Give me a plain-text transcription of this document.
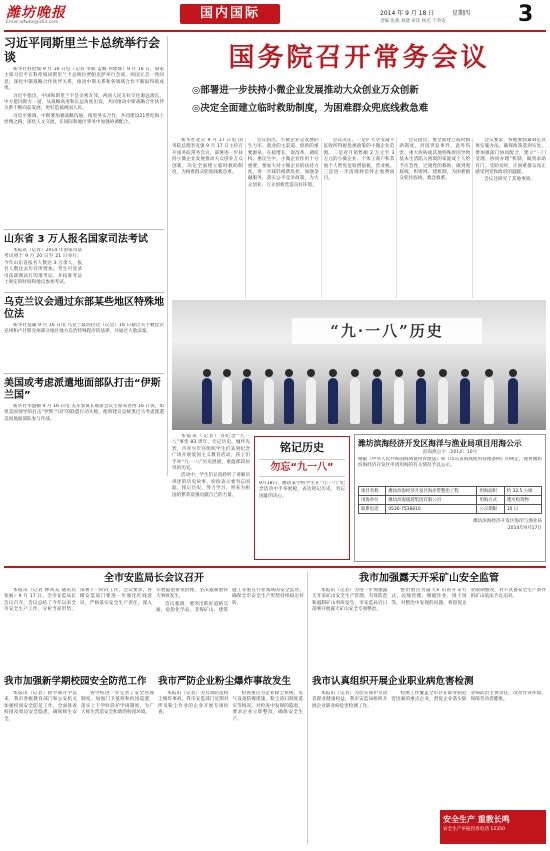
潍坊晚报
Email:wfwbs@163.com
国内国际	2014 年 9 月 18 日	星期四
责编 张燕 刘建 审读 杨光 于英姿	3
习近平同斯里兰卡总统举行会谈

新华社科伦坡 9 月 16 日电（记者 李斌 孟娜 何建辉）9 月 16 日，国家主席习近平在科伦坡同斯里兰卡总统拉贾帕克萨举行会谈。两国元首一致同意，深化中斯战略合作伙伴关系，推动中斯关系和各领域合作不断取得新成果。

习近平指出，中国和斯里兰卡是亲密友邻，两国人民友好交往源远流长。中方愿同斯方一道，从战略高度和长远角度出发，共同推动中斯战略合作伙伴关系不断向前发展，更好造福两国人民。

习近平强调，中斯要加强战略沟通，推进务实合作，共同建设21世纪海上丝绸之路，深化人文交流，在国际和地区事务中加强协调配合。

山东省 3 万人报名国家司法考试

本报讯（记者）2014 年国家司法考试将于 9 月 20 日至 21 日举行。今年山东省报名人数达 3 万余人，报名人数比去年有所增加。考生可登录司法部网站打印准考证，并按准考证上规定的时间和地点参加考试。

乌克兰议会通过东部某些地区特殊地位法

新华社基辅 9 月 16 日电 乌克兰最高拉达（议会）16 日通过关于顿涅茨克州和卢甘斯克州部分地区地方自治特殊程序的法律，并通过大赦法案。

美国或考虑派遣地面部队打击“伊斯兰国”

新华社华盛顿 9 月 16 日电 美军参谋长联席会议主席邓普西 16 日说，如果美国领导的打击“伊斯兰国”的联盟行动失败，他将建议总统奥巴马考虑派遣美国地面部队参与作战。

国务院召开常务会议
◎部署进一步扶持小微企业发展推动大众创业万众创新
◎决定全面建立临时救助制度，为困难群众兜底线救急难

新华社北京 9 月 17 日电 国务院总理李克强 9 月 17 日主持召开国务院常务会议，部署进一步扶持小微企业发展推动大众创业万众创新，决定全面建立临时救助制度，为困难群众兜底线救急难。

会议指出，小微企业是发展的生力军、就业的主渠道、创新的重要源泉。在稳增长、促改革、调结构、惠民生中，小微企业作用十分重要。要加大对小微企业的扶持力度，进一步减轻税费负担，加强金融服务，落实公平竞争政策，为大众创业、万众创新营造良好环境。

会议决定，一是扩大享受减半征收所得税优惠政策的小微企业范围。二是对月销售额 2 万元至 3 万元的小微企业、个体工商户和其他个人暂免征收增值税、营业税。三是进一步清理规范涉企收费项目。

会议指出，要全面建立临时救助制度，对因突发事件、意外伤害、重大疾病或其他特殊原因导致基本生活陷入困境的家庭或个人给予应急性、过渡性的救助，做到兜底线、织密网、建机制，为困难群众兜住底线、救急救难。

会议要求，各地要抓紧制定具体实施办法，确保政策落到实处。要加强部门协同配合，建立“一门受理、协同办理”机制，做到求助有门、受助及时，让困难群众真正感受到党和政府的温暖。

会议还研究了其他事项。

“九·一八”历史

本报讯（记者）为纪念“九一八”事变 83 周年，牢记历史、缅怀先烈，市青少年宫组织学生们来到纪念广场开展爱国主义教育活动，孩子们手举“九·一八”历史展板，重温那段屈辱的历史。

活动中，学生们认真聆听了讲解员讲述的历史故事，纷纷表示要勿忘国耻、铭记历史，努力学习，将来为祖国的繁荣富强贡献自己的力量。

铭记历史
勿忘“九一八”
9月18日，潍坊某学校学生在“九·一八”纪念活动中手举展板，表达铭记历史、勿忘国耻的决心。
潍坊滨海经济开发区海洋与渔业局项目用海公示
滨海渔公字〔2014〕10号
根据《中华人民共和国海域使用管理法》和《山东省海域使用管理条例》的规定，现将潍坊滨海经济开发区申请用海的有关情况予以公示。
项目名称	潍坊滨海经济开发区海岸带整治工程	用海面积	约 32.5 公顷
用海单位	潍坊滨海旅游集团有限公司	用海方式	透水构筑物
联系电话	0536-7538810	公示期限	10 日
潍坊滨海经济开发区海洋与渔业局
2014年9月17日
全市安监局长会议召开

本报讯（记者 林凤美 通讯员 张丽）9 月 17 日，全市安监局长会议召开。会议总结了今年以来全市安全生产工作，分析当前形势，部署下一阶段工作。会议要求，各级安监部门要进一步强化红线意识，严格落实安全生产责任，深入开展隐患排查治理，坚决遏制重特大事故发生。

会议强调，要突出抓好道路交通、危险化学品、非煤矿山、建筑施工等重点行业领域的安全监管，确保全市安全生产形势持续稳定好转。

我市加强露天开采矿山安全监管

本报讯（记者）为进一步加强露天开采矿山安全生产管理，有效防范和遏制矿山事故发生，市安监局近日部署开展露天矿山安全专项整治。

整治重点为露天矿山的开采方式、边坡管理、爆破作业、排土场等。对整治中发现的问题，将督促企业限期整改，对不具备安全生产条件的矿山依法予以关闭。

我市加强新学期校园安全防范工作

本报讯（记者）新学期开学以来，我市各级教育部门和公安机关加强校园安全防范工作，全面排查校园及周边安全隐患，确保师生安全。

各学校进一步完善了安全管理制度，加强门卫值班和校园巡逻，落实上下学时段护学岗制度，为广大师生营造安全和谐的校园环境。

我市严防企业粉尘爆炸事故发生

本报讯（记者）为有效防范粉尘爆炸事故，我市安监部门近期对涉及粉尘作业的企业开展专项检查。

检查重点为企业除尘系统、电气设备防爆措施、粉尘清扫制度落实等情况。对检查中发现的隐患，要求企业立即整改，确保安全生产。

我市认真组织开展企业职业病危害检测

本报讯（记者）为切实保护劳动者职业健康权益，我市安监局组织开展企业职业病危害检测工作。

检测工作覆盖全市存在职业病危害因素的重点企业，督促企业落实职业病防治主体责任，改善作业环境，保障劳动者健康。

安全生产 重教长鸣
安全生产举报投诉电话 12350
